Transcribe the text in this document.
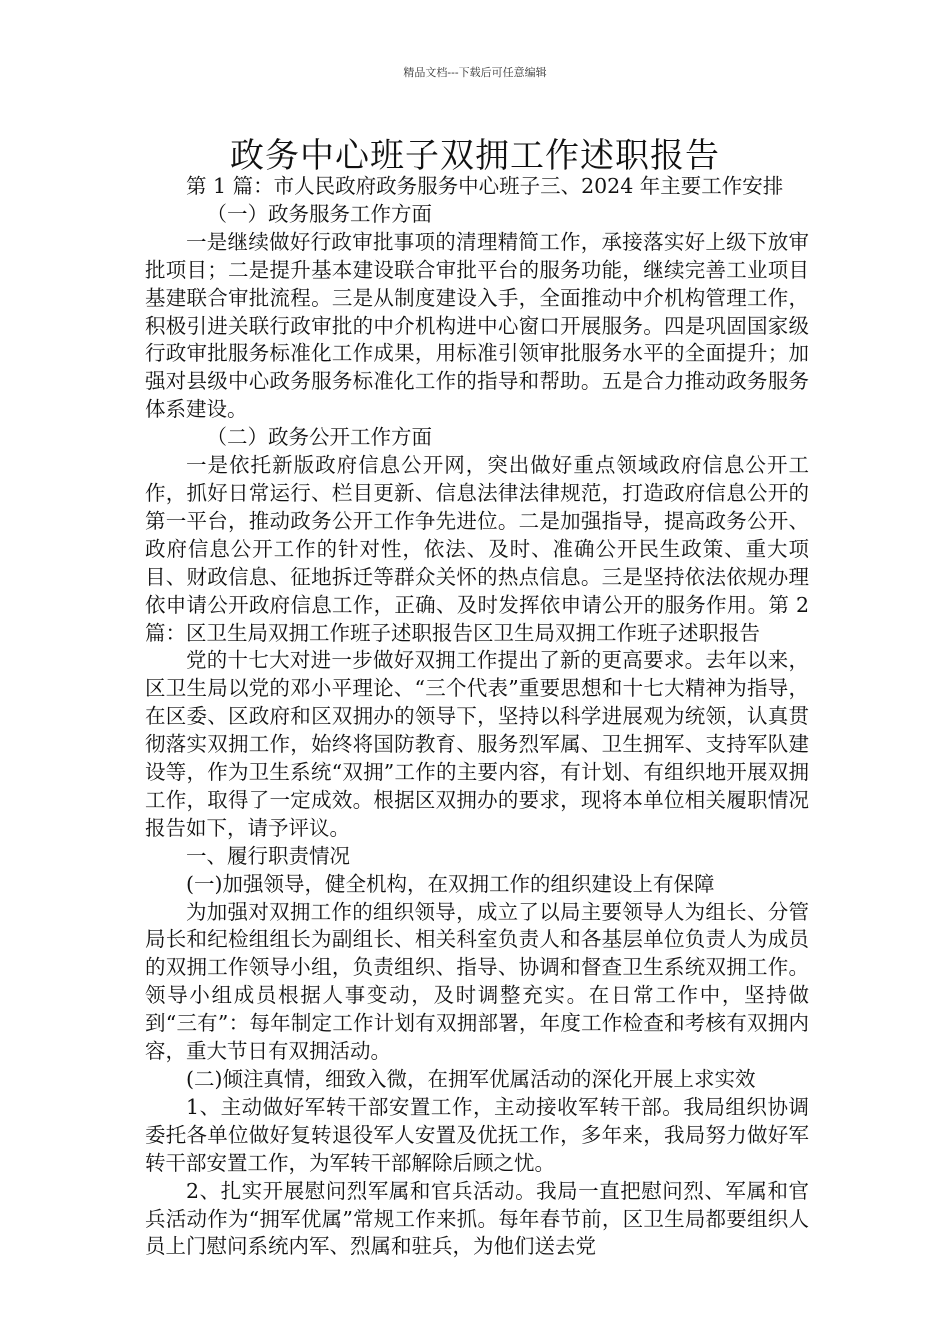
精品文档---下载后可任意编辑
政务中心班子双拥工作述职报告

第 1 篇：市人民政府政务服务中心班子三、2024 年主要工作安排

（一）政务服务工作方面

一是继续做好行政审批事项的清理精简工作，承接落实好上级下放审批项目；二是提升基本建设联合审批平台的服务功能，继续完善工业项目基建联合审批流程。三是从制度建设入手，全面推动中介机构管理工作，积极引进关联行政审批的中介机构进中心窗口开展服务。四是巩固国家级行政审批服务标准化工作成果，用标准引领审批服务水平的全面提升；加强对县级中心政务服务标准化工作的指导和帮助。五是合力推动政务服务体系建设。

（二）政务公开工作方面

一是依托新版政府信息公开网，突出做好重点领域政府信息公开工作，抓好日常运行、栏目更新、信息法律法律规范，打造政府信息公开的第一平台，推动政务公开工作争先进位。二是加强指导，提高政务公开、政府信息公开工作的针对性，依法、及时、准确公开民生政策、重大项目、财政信息、征地拆迁等群众关怀的热点信息。三是坚持依法依规办理依申请公开政府信息工作，正确、及时发挥依申请公开的服务作用。第 2 篇：区卫生局双拥工作班子述职报告区卫生局双拥工作班子述职报告

党的十七大对进一步做好双拥工作提出了新的更高要求。去年以来，区卫生局以党的邓小平理论、“三个代表”重要思想和十七大精神为指导，在区委、区政府和区双拥办的领导下，坚持以科学进展观为统领，认真贯彻落实双拥工作，始终将国防教育、服务烈军属、卫生拥军、支持军队建设等，作为卫生系统“双拥”工作的主要内容，有计划、有组织地开展双拥工作，取得了一定成效。根据区双拥办的要求，现将本单位相关履职情况报告如下，请予评议。

一、履行职责情况

(一)加强领导，健全机构，在双拥工作的组织建设上有保障

为加强对双拥工作的组织领导，成立了以局主要领导人为组长、分管局长和纪检组组长为副组长、相关科室负责人和各基层单位负责人为成员的双拥工作领导小组，负责组织、指导、协调和督查卫生系统双拥工作。领导小组成员根据人事变动，及时调整充实。在日常工作中，坚持做到“三有”：每年制定工作计划有双拥部署，年度工作检查和考核有双拥内容，重大节日有双拥活动。

(二)倾注真情，细致入微，在拥军优属活动的深化开展上求实效

1、主动做好军转干部安置工作，主动接收军转干部。我局组织协调委托各单位做好复转退役军人安置及优抚工作，多年来，我局努力做好军转干部安置工作，为军转干部解除后顾之忧。

2、扎实开展慰问烈军属和官兵活动。我局一直把慰问烈、军属和官兵活动作为“拥军优属”常规工作来抓。每年春节前，区卫生局都要组织人员上门慰问系统内军、烈属和驻兵，为他们送去党
